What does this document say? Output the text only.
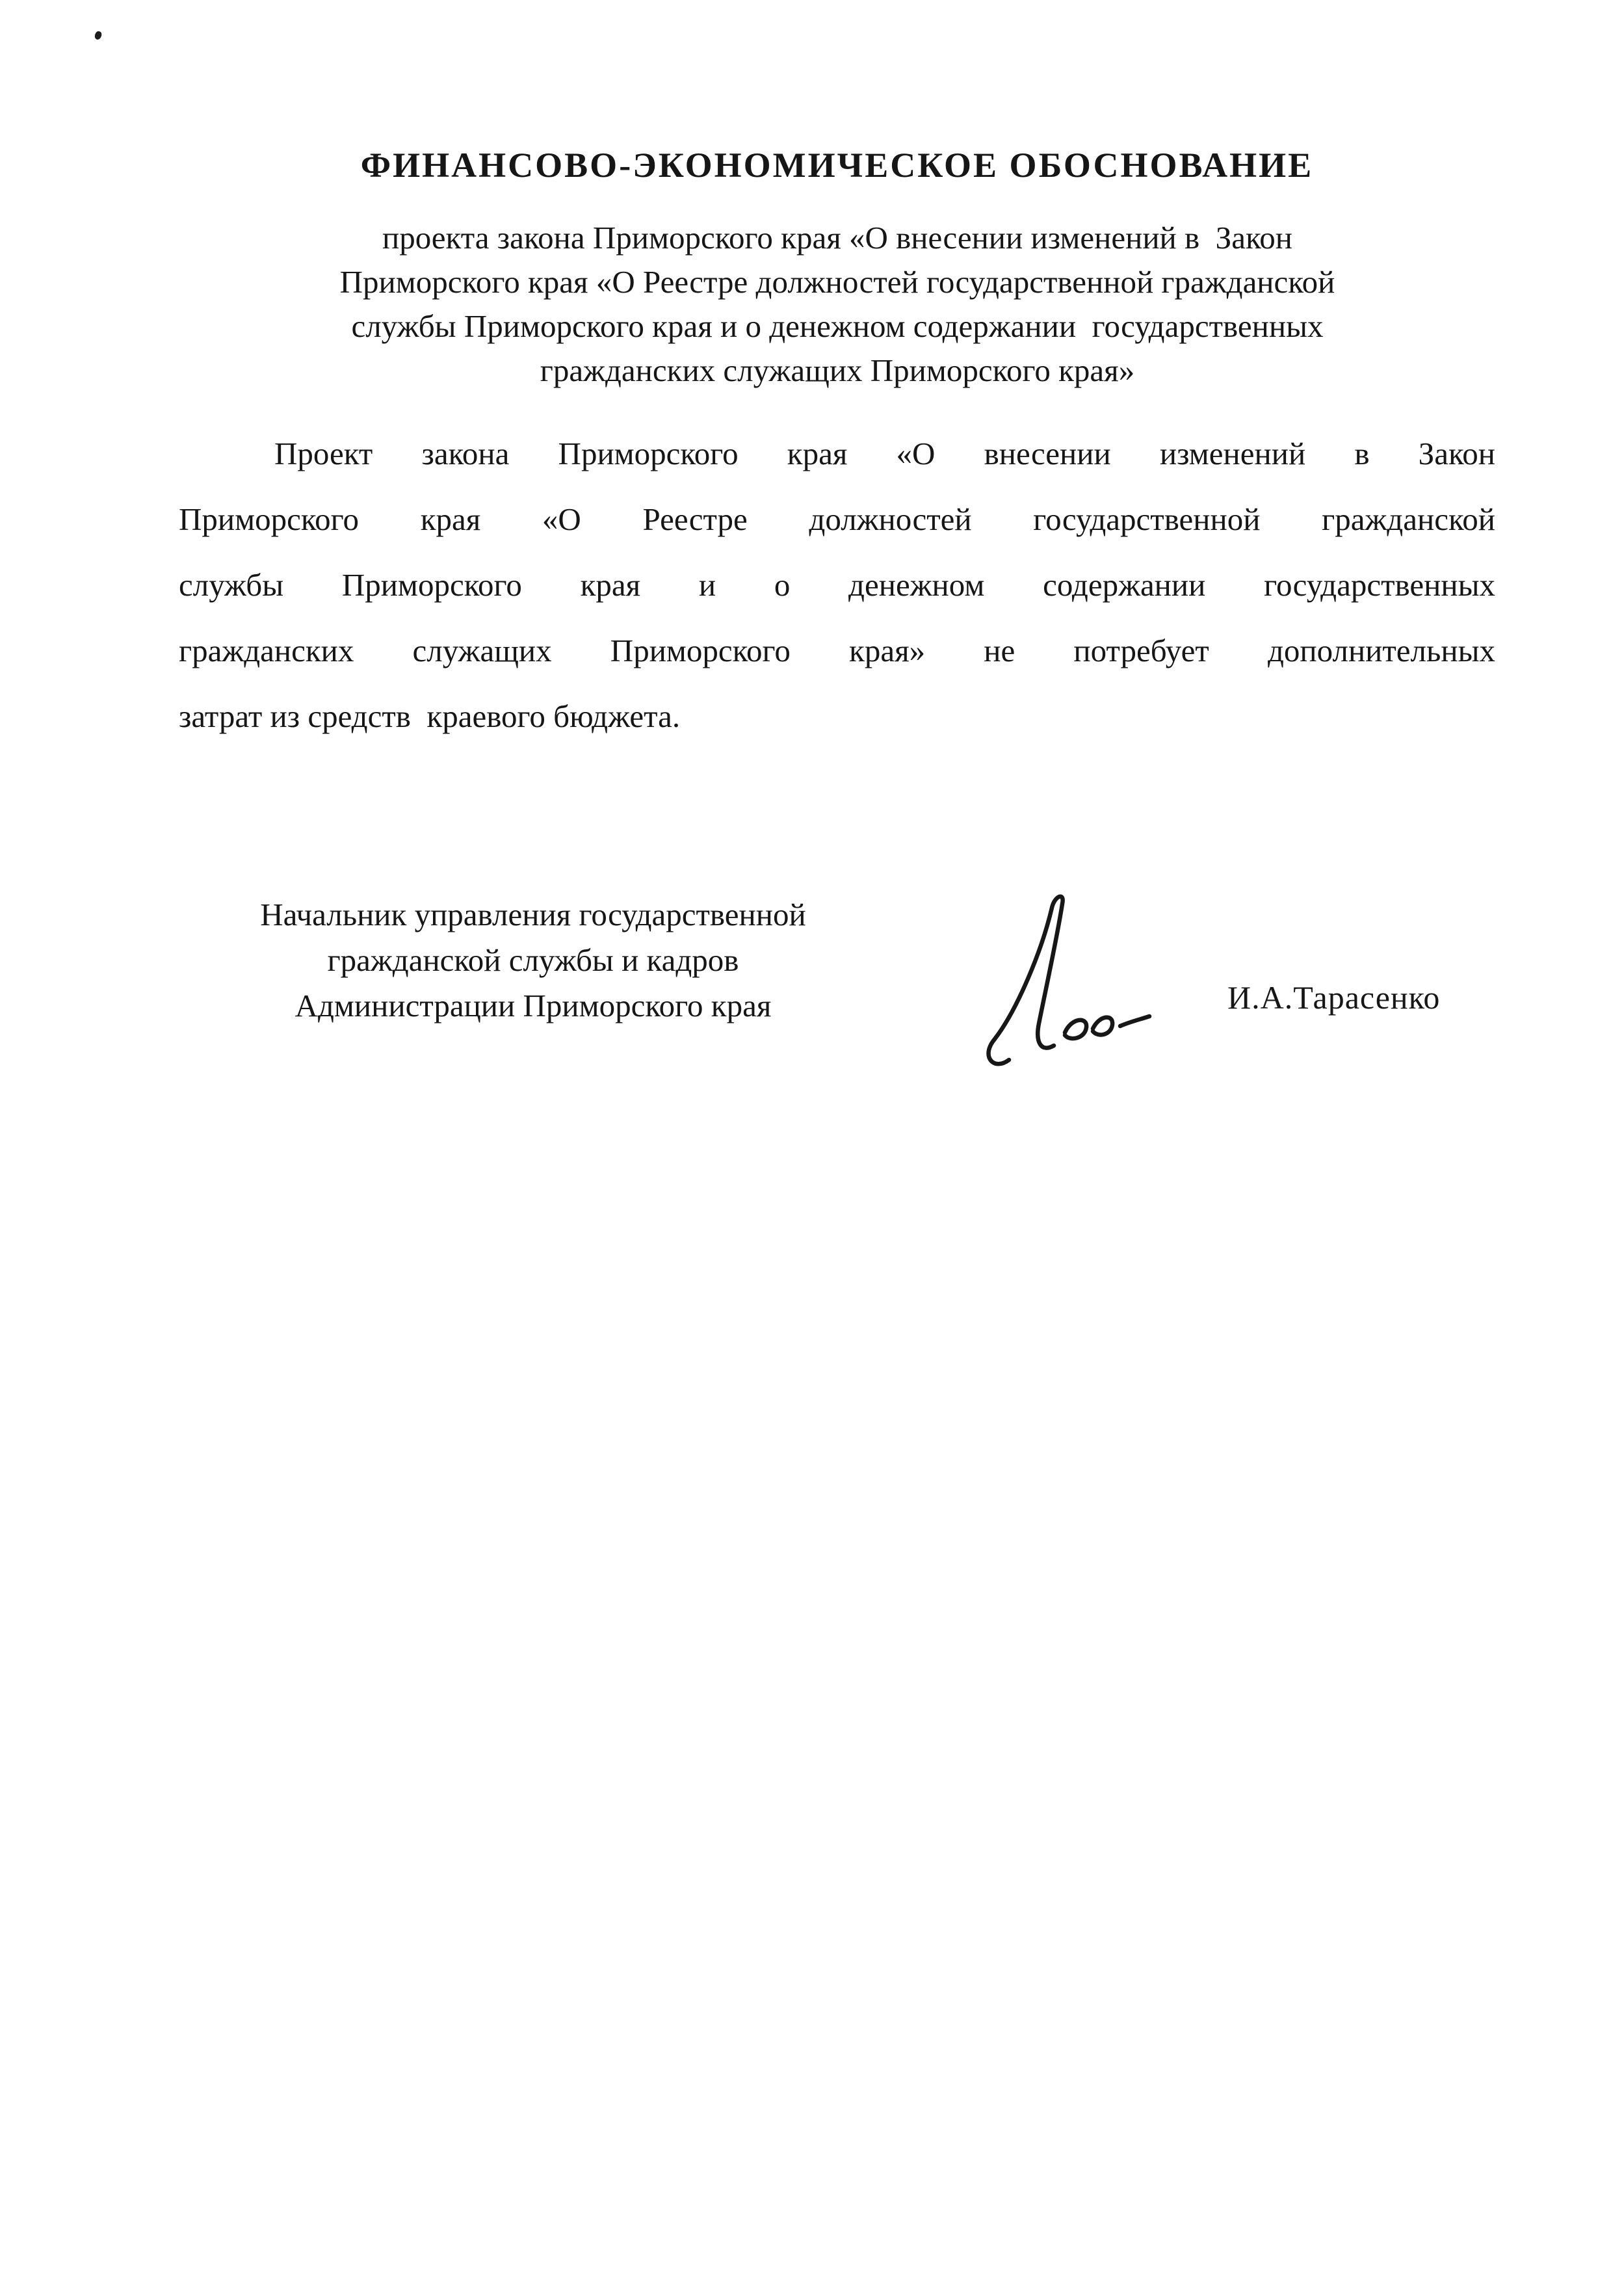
ФИНАНСОВО-ЭКОНОМИЧЕСКОЕ ОБОСНОВАНИЕ
проекта закона Приморского края «О внесении изменений в  Закон
Приморского края «О Реестре должностей государственной гражданской
службы Приморского края и о денежном содержании  государственных
гражданских служащих Приморского края»
Проект закона Приморского края «О внесении изменений в Закон
Приморского края «О Реестре должностей государственной гражданской
службы Приморского края и о денежном содержании государственных
гражданских служащих Приморского края» не потребует дополнительных
затрат из средств  краевого бюджета.
Начальник управления государственной
гражданской службы и кадров
Администрации Приморского края	И.А.Тарасенко
